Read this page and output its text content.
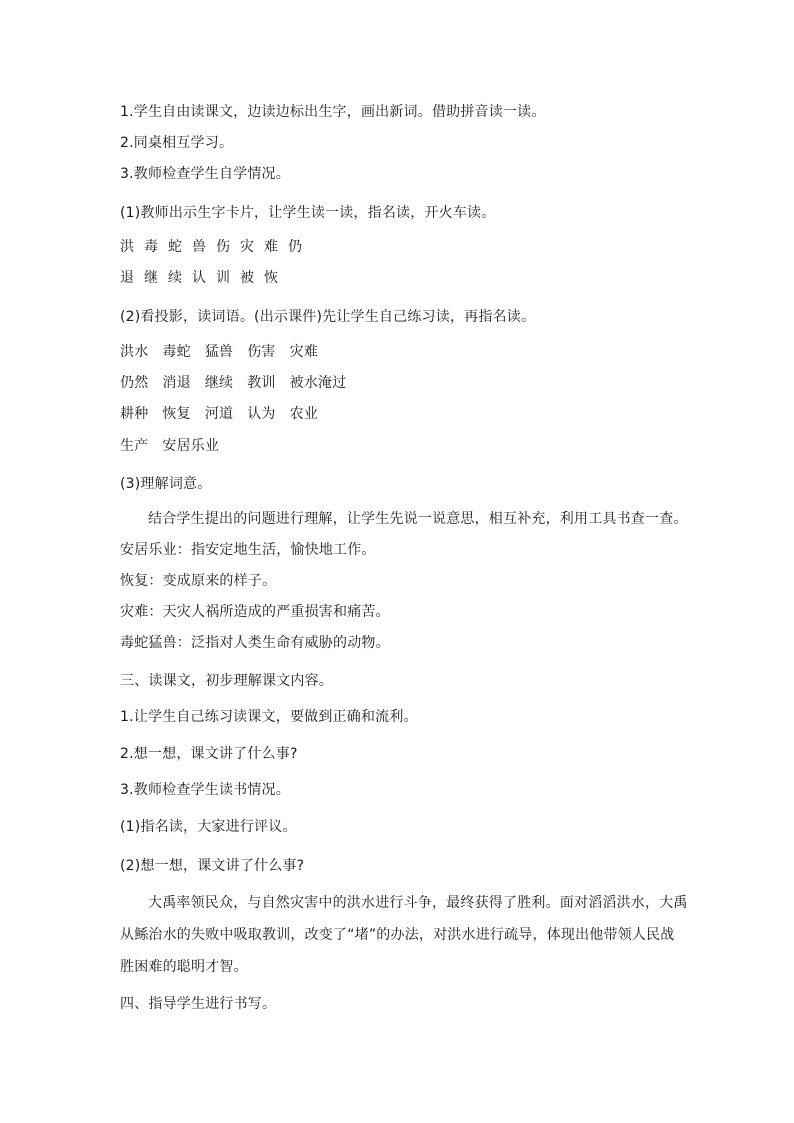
1.学生自由读课文，边读边标出生字，画出新词。借助拼音读一读。
2.同桌相互学习。
3.教师检查学生自学情况。
(1)教师出示生字卡片，让学生读一读，指名读，开火车读。
洪 毒 蛇 兽 伤 灾 难 仍
退 继 续 认 训 被 恢
(2)看投影，读词语。(出示课件)先让学生自己练习读，再指名读。
洪水 毒蛇 猛兽 伤害 灾难
仍然 消退 继续 教训 被水淹过
耕种 恢复 河道 认为 农业
生产 安居乐业
(3)理解词意。
结合学生提出的问题进行理解，让学生先说一说意思，相互补充，利用工具书查一查。
安居乐业：指安定地生活，愉快地工作。
恢复：变成原来的样子。
灾难：天灾人祸所造成的严重损害和痛苦。
毒蛇猛兽：泛指对人类生命有威胁的动物。
三、读课文，初步理解课文内容。
1.让学生自己练习读课文，要做到正确和流利。
2.想一想，课文讲了什么事?
3.教师检查学生读书情况。
(1)指名读，大家进行评议。
(2)想一想，课文讲了什么事?
大禹率领民众，与自然灾害中的洪水进行斗争，最终获得了胜利。面对滔滔洪水，大禹
从鲧治水的失败中吸取教训，改变了“堵”的办法，对洪水进行疏导，体现出他带领人民战
胜困难的聪明才智。
四、指导学生进行书写。
